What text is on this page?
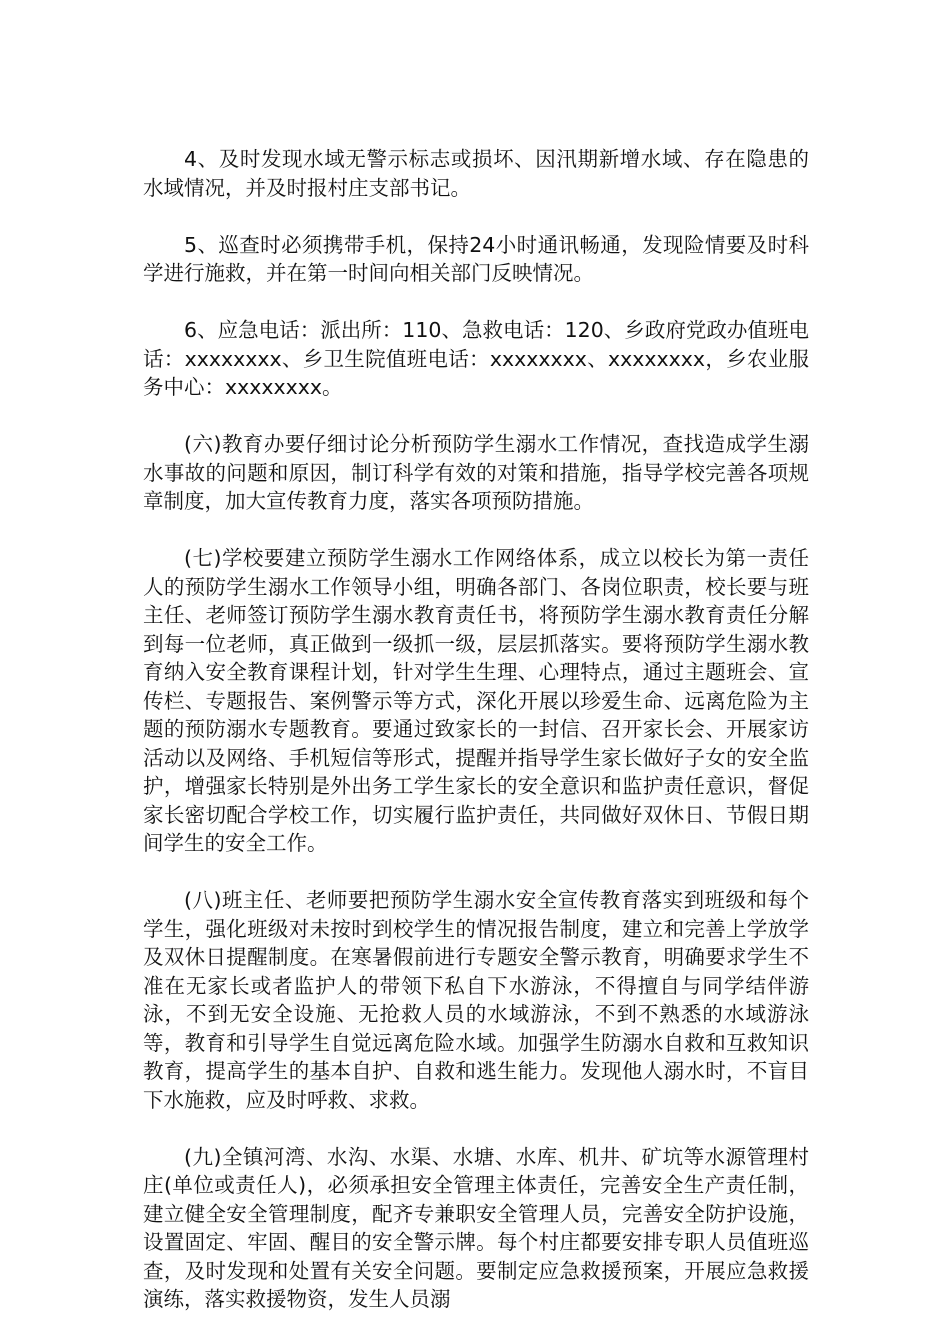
4、及时发现水域无警示标志或损坏、因汛期新增水域、存在隐患的水域情况，并及时报村庄支部书记。

5、巡查时必须携带手机，保持24小时通讯畅通，发现险情要及时科学进行施救，并在第一时间向相关部门反映情况。

6、应急电话：派出所：110、急救电话：120、乡政府党政办值班电话：xxxxxxxx、乡卫生院值班电话：xxxxxxxx、xxxxxxxx，乡农业服务中心：xxxxxxxx。

(六)教育办要仔细讨论分析预防学生溺水工作情况，查找造成学生溺水事故的问题和原因，制订科学有效的对策和措施，指导学校完善各项规章制度，加大宣传教育力度，落实各项预防措施。

(七)学校要建立预防学生溺水工作网络体系，成立以校长为第一责任人的预防学生溺水工作领导小组，明确各部门、各岗位职责，校长要与班主任、老师签订预防学生溺水教育责任书，将预防学生溺水教育责任分解到每一位老师，真正做到一级抓一级，层层抓落实。要将预防学生溺水教育纳入安全教育课程计划，针对学生生理、心理特点，通过主题班会、宣传栏、专题报告、案例警示等方式，深化开展以珍爱生命、远离危险为主题的预防溺水专题教育。要通过致家长的一封信、召开家长会、开展家访活动以及网络、手机短信等形式，提醒并指导学生家长做好子女的安全监护，增强家长特别是外出务工学生家长的安全意识和监护责任意识，督促家长密切配合学校工作，切实履行监护责任，共同做好双休日、节假日期间学生的安全工作。

(八)班主任、老师要把预防学生溺水安全宣传教育落实到班级和每个学生，强化班级对未按时到校学生的情况报告制度，建立和完善上学放学及双休日提醒制度。在寒暑假前进行专题安全警示教育，明确要求学生不准在无家长或者监护人的带领下私自下水游泳，不得擅自与同学结伴游泳，不到无安全设施、无抢救人员的水域游泳，不到不熟悉的水域游泳等，教育和引导学生自觉远离危险水域。加强学生防溺水自救和互救知识教育，提高学生的基本自护、自救和逃生能力。发现他人溺水时，不盲目下水施救，应及时呼救、求救。

(九)全镇河湾、水沟、水渠、水塘、水库、机井、矿坑等水源管理村庄(单位或责任人)，必须承担安全管理主体责任，完善安全生产责任制，建立健全安全管理制度，配齐专兼职安全管理人员，完善安全防护设施，设置固定、牢固、醒目的安全警示牌。每个村庄都要安排专职人员值班巡查，及时发现和处置有关安全问题。要制定应急救援预案，开展应急救援演练，落实救援物资，发生人员溺
